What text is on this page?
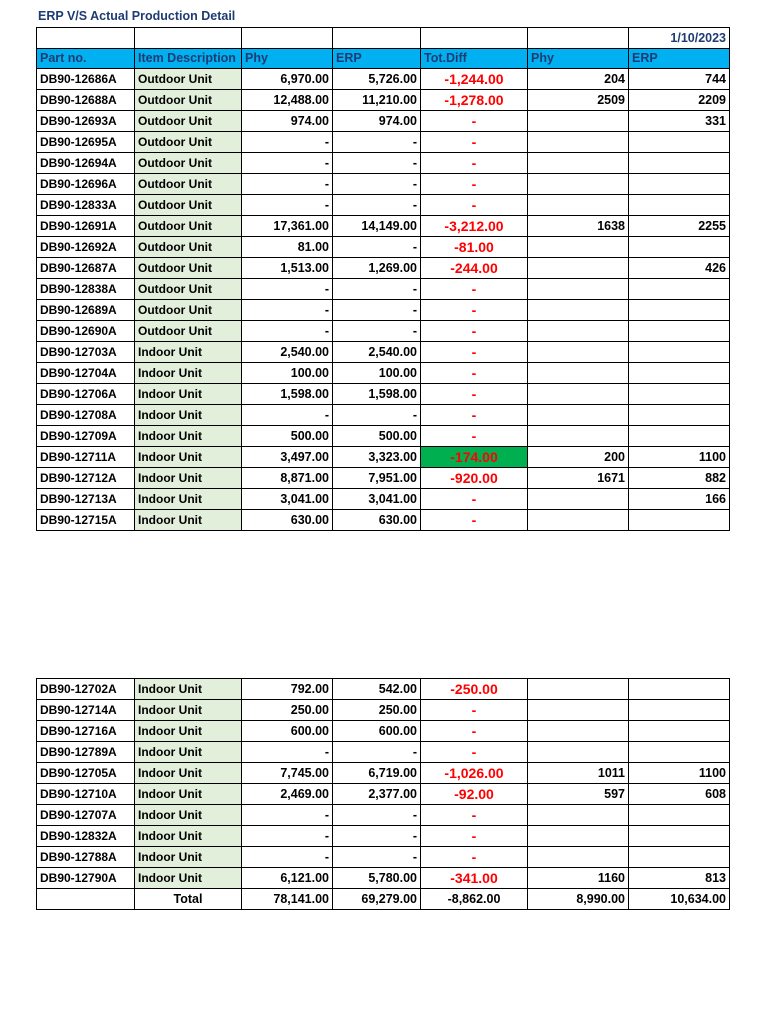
ERP V/S Actual Production Detail
						1/10/2023
Part no.	Item Description	Phy	ERP	Tot.Diff	Phy	ERP
DB90-12686A	Outdoor Unit	6,970.00	5,726.00	-1,244.00	204	744
DB90-12688A	Outdoor Unit	12,488.00	11,210.00	-1,278.00	2509	2209
DB90-12693A	Outdoor Unit	974.00	974.00	-		331
DB90-12695A	Outdoor Unit	-	-	-		
DB90-12694A	Outdoor Unit	-	-	-		
DB90-12696A	Outdoor Unit	-	-	-		
DB90-12833A	Outdoor Unit	-	-	-		
DB90-12691A	Outdoor Unit	17,361.00	14,149.00	-3,212.00	1638	2255
DB90-12692A	Outdoor Unit	81.00	-	-81.00		
DB90-12687A	Outdoor Unit	1,513.00	1,269.00	-244.00		426
DB90-12838A	Outdoor Unit	-	-	-		
DB90-12689A	Outdoor Unit	-	-	-		
DB90-12690A	Outdoor Unit	-	-	-		
DB90-12703A	Indoor Unit	2,540.00	2,540.00	-		
DB90-12704A	Indoor Unit	100.00	100.00	-		
DB90-12706A	Indoor Unit	1,598.00	1,598.00	-		
DB90-12708A	Indoor Unit	-	-	-		
DB90-12709A	Indoor Unit	500.00	500.00	-		
DB90-12711A	Indoor Unit	3,497.00	3,323.00	-174.00	200	1100
DB90-12712A	Indoor Unit	8,871.00	7,951.00	-920.00	1671	882
DB90-12713A	Indoor Unit	3,041.00	3,041.00	-		166
DB90-12715A	Indoor Unit	630.00	630.00	-		
DB90-12702A	Indoor Unit	792.00	542.00	-250.00		
DB90-12714A	Indoor Unit	250.00	250.00	-		
DB90-12716A	Indoor Unit	600.00	600.00	-		
DB90-12789A	Indoor Unit	-	-	-		
DB90-12705A	Indoor Unit	7,745.00	6,719.00	-1,026.00	1011	1100
DB90-12710A	Indoor Unit	2,469.00	2,377.00	-92.00	597	608
DB90-12707A	Indoor Unit	-	-	-		
DB90-12832A	Indoor Unit	-	-	-		
DB90-12788A	Indoor Unit	-	-	-		
DB90-12790A	Indoor Unit	6,121.00	5,780.00	-341.00	1160	813
	Total	78,141.00	69,279.00	-8,862.00	8,990.00	10,634.00
